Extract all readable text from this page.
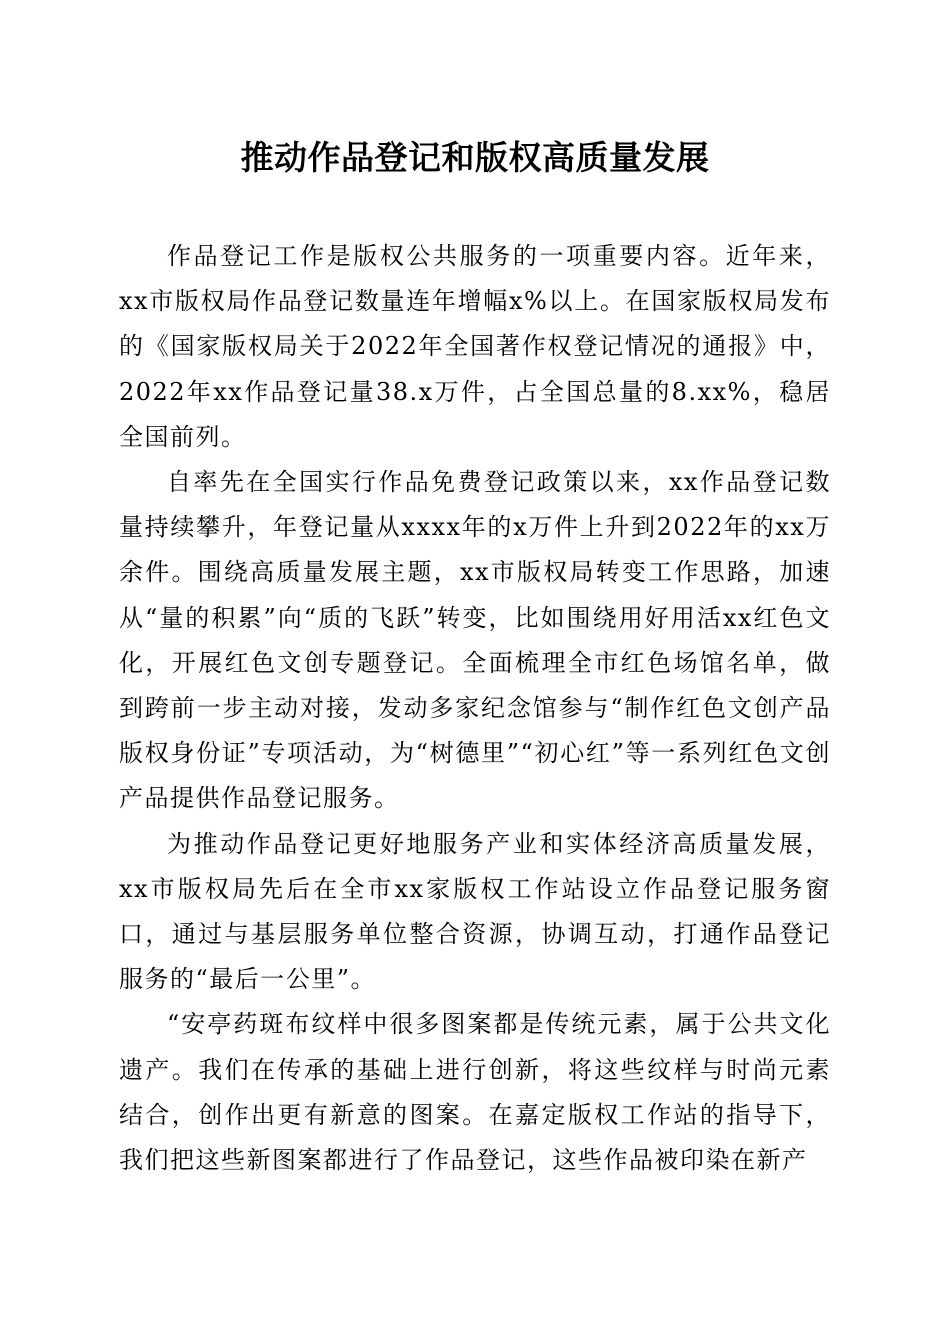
推动作品登记和版权高质量发展

作品登记工作是版权公共服务的一项重要内容。近年来，xx市版权局作品登记数量连年增幅x%以上。在国家版权局发布的《国家版权局关于2022年全国著作权登记情况的通报》中，2022年xx作品登记量38.x万件，占全国总量的8.xx%，稳居全国前列。

自率先在全国实行作品免费登记政策以来，xx作品登记数量持续攀升，年登记量从xxxx年的x万件上升到2022年的xx万余件。围绕高质量发展主题，xx市版权局转变工作思路，加速从“量的积累”向“质的飞跃”转变，比如围绕用好用活xx红色文化，开展红色文创专题登记。全面梳理全市红色场馆名单，做到跨前一步主动对接，发动多家纪念馆参与“制作红色文创产品版权身份证”专项活动，为“树德里”“初心红”等一系列红色文创产品提供作品登记服务。

为推动作品登记更好地服务产业和实体经济高质量发展，xx市版权局先后在全市xx家版权工作站设立作品登记服务窗口，通过与基层服务单位整合资源，协调互动，打通作品登记服务的“最后一公里”。

“安亭药斑布纹样中很多图案都是传统元素，属于公共文化遗产。我们在传承的基础上进行创新，将这些纹样与时尚元素结合，创作出更有新意的图案。在嘉定版权工作站的指导下，我们把这些新图案都进行了作品登记，这些作品被印染在新产
